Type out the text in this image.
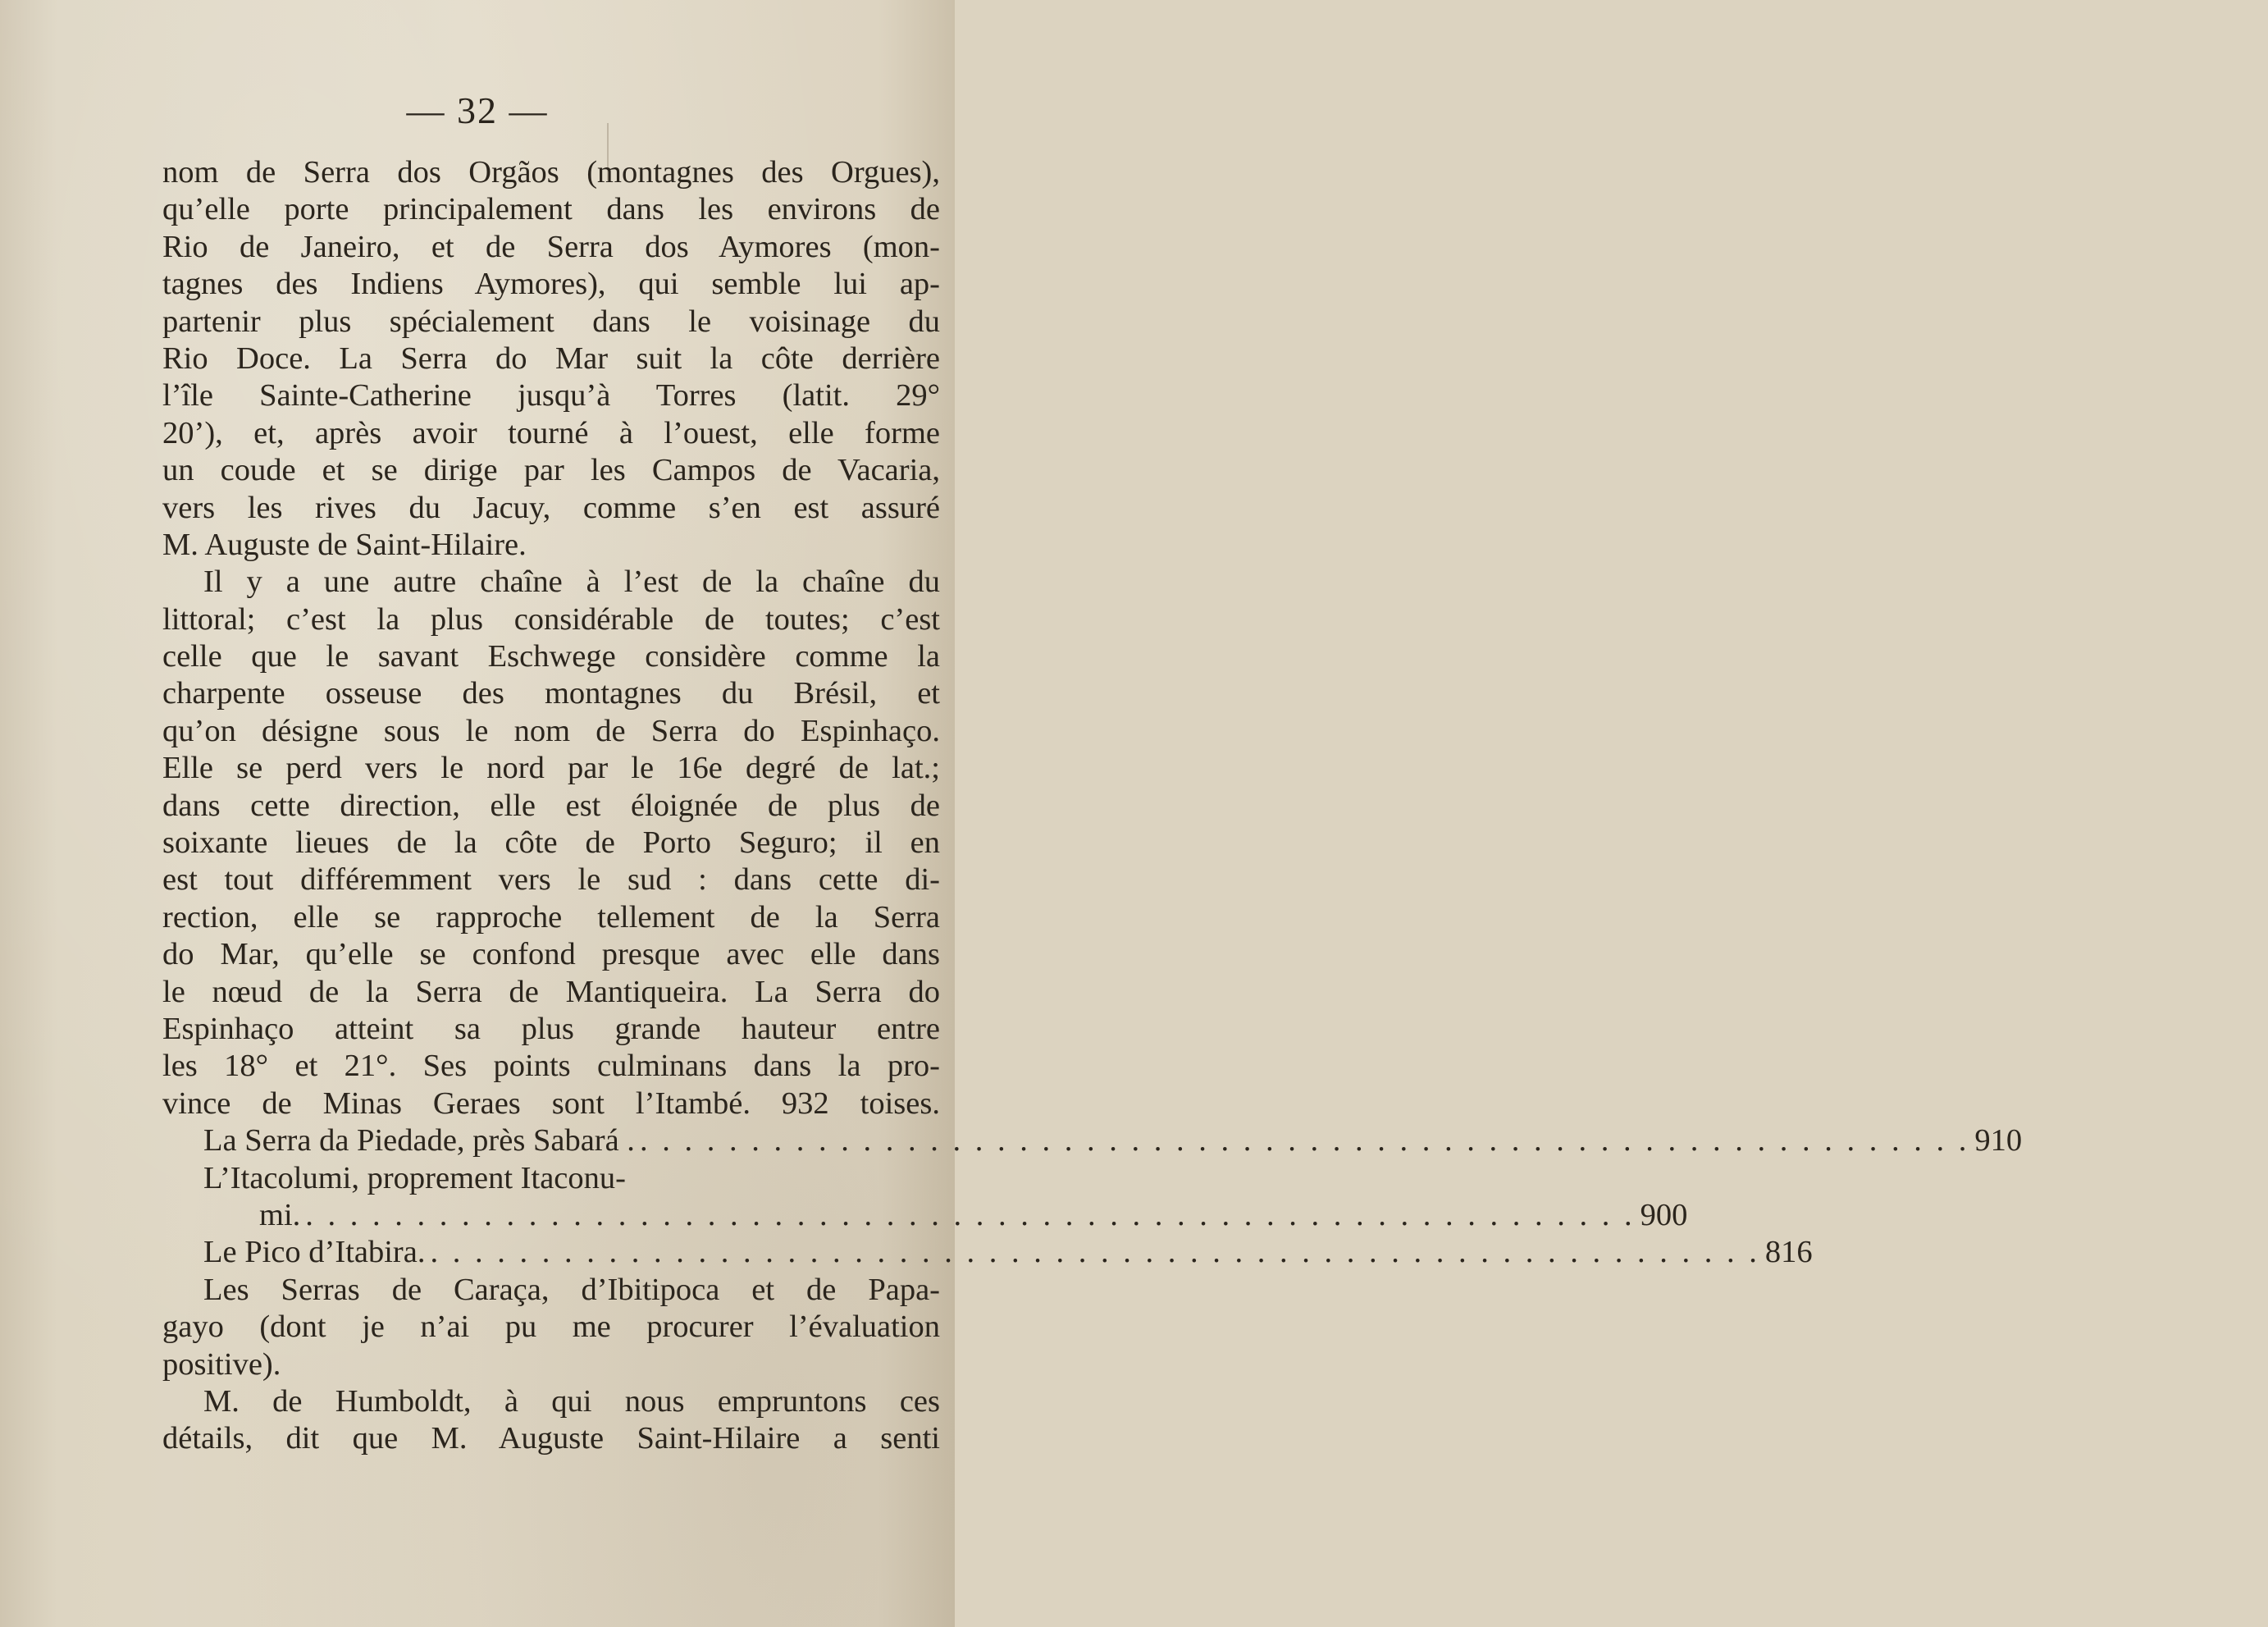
— 32 —
nom de Serra dos Orgãos (montagnes des Orgues),
qu’elle porte principalement dans les environs de
Rio de Janeiro, et de Serra dos Aymores (mon-
tagnes des Indiens Aymores), qui semble lui ap-
partenir plus spécialement dans le voisinage du
Rio Doce. La Serra do Mar suit la côte derrière
l’île Sainte-Catherine jusqu’à Torres (latit. 29°
20’), et, après avoir tourné à l’ouest, elle forme
un coude et se dirige par les Campos de Vacaria,
vers les rives du Jacuy, comme s’en est assuré
M. Auguste de Saint-Hilaire.
Il y a une autre chaîne à l’est de la chaîne du
littoral; c’est la plus considérable de toutes; c’est
celle que le savant Eschwege considère comme la
charpente osseuse des montagnes du Brésil, et
qu’on désigne sous le nom de Serra do Espinhaço.
Elle se perd vers le nord par le 16e degré de lat.;
dans cette direction, elle est éloignée de plus de
soixante lieues de la côte de Porto Seguro; il en
est tout différemment vers le sud : dans cette di-
rection, elle se rapproche tellement de la Serra
do Mar, qu’elle se confond presque avec elle dans
le nœud de la Serra de Mantiqueira. La Serra do
Espinhaço atteint sa plus grande hauteur entre
les 18° et 21°. Ses points culminans dans la pro-
vince de Minas Geraes sont l’Itambé. 932 toises.
La Serra da Piedade, près Sabará . . . . . . . . . . . . . . . . . . . . . . . . . . . . . . . . . . . . . . . . . . . . . . . . . . . . . . . . . . . . . 910
L’Itacolumi, proprement Itaconu-
mi. . . . . . . . . . . . . . . . . . . . . . . . . . . . . . . . . . . . . . . . . . . . . . . . . . . . . . . . . . . . . 900
Le Pico d’Itabira. . . . . . . . . . . . . . . . . . . . . . . . . . . . . . . . . . . . . . . . . . . . . . . . . . . . . . . . . . . . . 816
Les Serras de Caraça, d’Ibitipoca et de Papa-
gayo (dont je n’ai pu me procurer l’évaluation
positive).
M. de Humboldt, à qui nous empruntons ces
détails, dit que M. Auguste Saint-Hilaire a senti
